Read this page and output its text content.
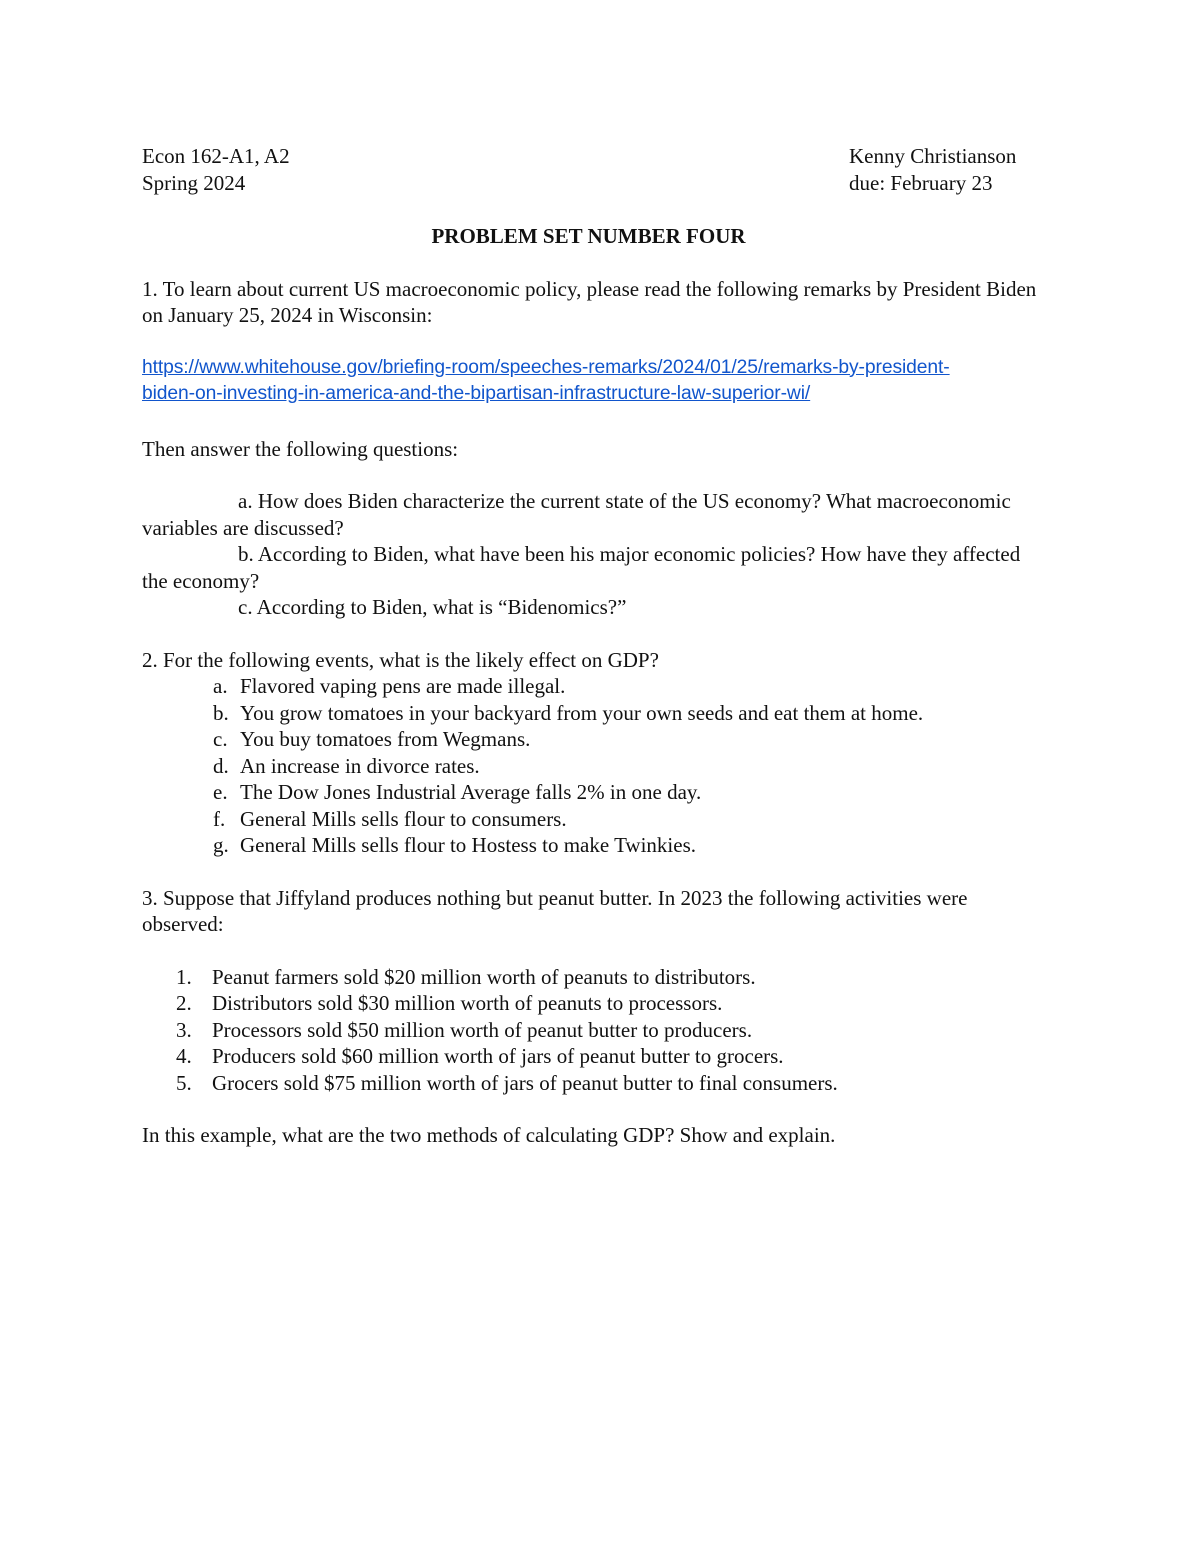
Econ 162-A1, A2
Spring 2024
Kenny Christianson
due: February 23
PROBLEM SET NUMBER FOUR

1. To learn about current US macroeconomic policy, please read the following remarks by President Biden on January 25, 2024 in Wisconsin:

https://www.whitehouse.gov/briefing-room/speeches-remarks/2024/01/25/remarks-by-president-
biden-on-investing-in-america-and-the-bipartisan-infrastructure-law-superior-wi/

Then answer the following questions:

a. How does Biden characterize the current state of the US economy? What macroeconomic variables are discussed?

b. According to Biden, what have been his major economic policies? How have they affected the economy?

c. According to Biden, what is “Bidenomics?”

2. For the following events, what is the likely effect on GDP?

a. Flavored vaping pens are made illegal.
b. You grow tomatoes in your backyard from your own seeds and eat them at home.
c. You buy tomatoes from Wegmans.
d. An increase in divorce rates.
e. The Dow Jones Industrial Average falls 2% in one day.
f. General Mills sells flour to consumers.
g. General Mills sells flour to Hostess to make Twinkies.

3. Suppose that Jiffyland produces nothing but peanut butter. In 2023 the following activities were observed:

1. Peanut farmers sold $20 million worth of peanuts to distributors.
2. Distributors sold $30 million worth of peanuts to processors.
3. Processors sold $50 million worth of peanut butter to producers.
4. Producers sold $60 million worth of jars of peanut butter to grocers.
5. Grocers sold $75 million worth of jars of peanut butter to final consumers.

In this example, what are the two methods of calculating GDP? Show and explain.
